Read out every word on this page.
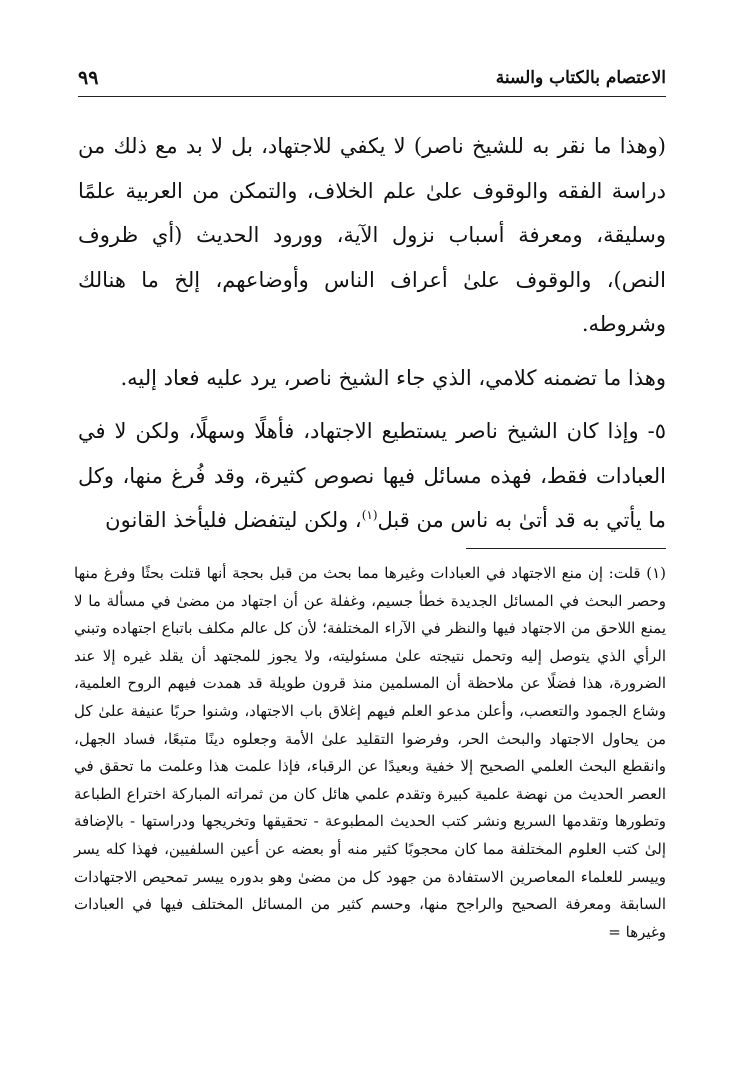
الاعتصام بالكتاب والسنة
٩٩

(وهذا ما نقر به للشيخ ناصر) لا يكفي للاجتهاد، بل لا بد مع ذلك من دراسة الفقه والوقوف علىٰ علم الخلاف، والتمكن من العربية علمًا وسليقة، ومعرفة أسباب نزول الآية، وورود الحديث (أي ظروف النص)، والوقوف علىٰ أعراف الناس وأوضاعهم، إلخ ما هنالك وشروطه.

وهذا ما تضمنه كلامي، الذي جاء الشيخ ناصر، يرد عليه فعاد إليه.

٥- وإذا كان الشيخ ناصر يستطيع الاجتهاد، فأهلًا وسهلًا، ولكن لا في العبادات فقط، فهذه مسائل فيها نصوص كثيرة، وقد فُرغ منها، وكل ما يأتي به قد أتىٰ به ناس من قبل$^{(١)}$، ولكن ليتفضل فليأخذ القانون

(١) قلت: إن منع الاجتهاد في العبادات وغيرها مما بحث من قبل بحجة أنها قتلت بحثًا وفرغ منها وحصر البحث في المسائل الجديدة خطأ جسيم، وغفلة عن أن اجتهاد من مضىٰ في مسألة ما لا يمنع اللاحق من الاجتهاد فيها والنظر في الآراء المختلفة؛ لأن كل عالم مكلف باتباع اجتهاده وتبني الرأي الذي يتوصل إليه وتحمل نتيجته علىٰ مسئوليته، ولا يجوز للمجتهد أن يقلد غيره إلا عند الضرورة، هذا فضلًا عن ملاحظة أن المسلمين منذ قرون طويلة قد همدت فيهم الروح العلمية، وشاع الجمود والتعصب، وأعلن مدعو العلم فيهم إغلاق باب الاجتهاد، وشنوا حربًا عنيفة علىٰ كل من يحاول الاجتهاد والبحث الحر، وفرضوا التقليد علىٰ الأمة وجعلوه دينًا متبعًا، فساد الجهل، وانقطع البحث العلمي الصحيح إلا خفية وبعيدًا عن الرقباء، فإذا علمت هذا وعلمت ما تحقق في العصر الحديث من نهضة علمية كبيرة وتقدم علمي هائل كان من ثمراته المباركة اختراع الطباعة وتطورها وتقدمها السريع ونشر كتب الحديث المطبوعة - تحقيقها وتخريجها ودراستها - بالإضافة إلىٰ كتب العلوم المختلفة مما كان محجوبًا كثير منه أو بعضه عن أعين السلفيين، فهذا كله يسر وييسر للعلماء المعاصرين الاستفادة من جهود كل من مضىٰ وهو بدوره ييسر تمحيص الاجتهادات السابقة ومعرفة الصحيح والراجح منها، وحسم كثير من المسائل المختلف فيها في العبادات وغيرها =
